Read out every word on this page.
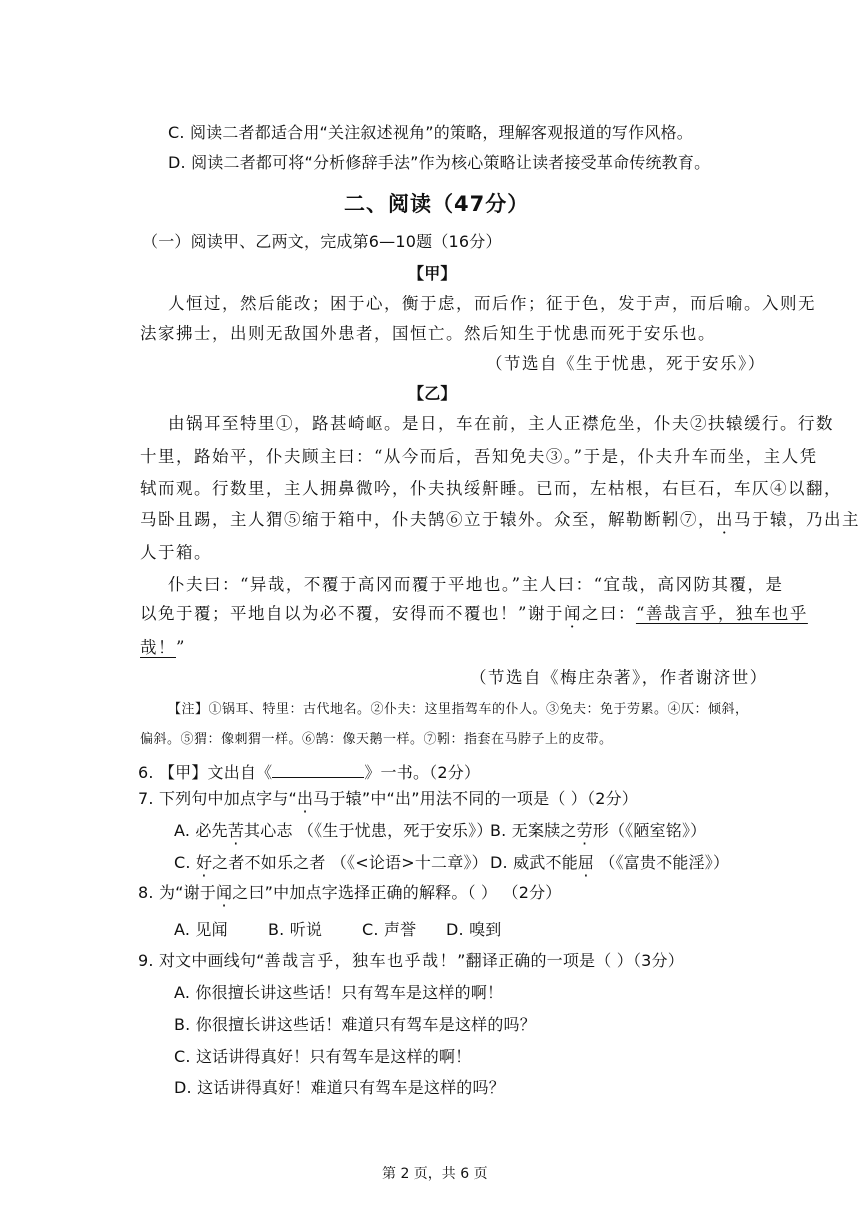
C. 阅读二者都适合用“关注叙述视角”的策略，理解客观报道的写作风格。
D. 阅读二者都可将“分析修辞手法”作为核心策略让读者接受革命传统教育。
二、阅读（47分）
（一）阅读甲、乙两文，完成第6—10题（16分）
【甲】
人恒过，然后能改；困于心，衡于虑，而后作；征于色，发于声，而后喻。入则无
法家拂士，出则无敌国外患者，国恒亡。然后知生于忧患而死于安乐也。
（节选自《生于忧患，死于安乐》）
【乙】
由锅耳至特里①，路甚崎岖。是日，车在前，主人正襟危坐，仆夫②扶辕缓行。行数
十里，路始平，仆夫顾主曰：“从今而后，吾知免夫③。”于是，仆夫升车而坐，主人凭
轼而观。行数里，主人拥鼻微吟，仆夫执绥鼾睡。已而，左枯根，右巨石，车仄④以翻，
马卧且踢，主人猬⑤缩于箱中，仆夫鹄⑥立于辕外。众至，解勒断靷⑦，出马于辕，乃出主
人于箱。
仆夫曰：“异哉，不覆于高冈而覆于平地也。”主人曰：“宜哉，高冈防其覆，是
以免于覆；平地自以为必不覆，安得而不覆也！”谢于闻之曰：“善哉言乎，独车也乎
哉！”
（节选自《梅庄杂著》，作者谢济世）
【注】①锅耳、特里：古代地名。②仆夫：这里指驾车的仆人。③免夫：免于劳累。④仄：倾斜，
偏斜。⑤猬：像刺猬一样。⑥鹄：像天鹅一样。⑦靷：指套在马脖子上的皮带。
6. 【甲】文出自《	》一书。（2分）
7. 下列句中加点字与“出马于辕”中“出”用法不同的一项是（ ）（2分）
A. 必先苦其心志 （《生于忧患，死于安乐》）
B. 无案牍之劳形（《陋室铭》）
C. 好之者不如乐之者 （《<论语>十二章》） D. 威武不能屈 （《富贵不能淫》）
8. 为“谢于闻之曰”中加点字选择正确的解释。（ ） （2分）
A. 见闻	B. 听说 C. 声誉 D. 嗅到
9. 对文中画线句“善哉言乎，独车也乎哉！”翻译正确的一项是（ ）（3分）
A. 你很擅长讲这些话！只有驾车是这样的啊！
B. 你很擅长讲这些话！难道只有驾车是这样的吗？
C. 这话讲得真好！只有驾车是这样的啊！
D. 这话讲得真好！难道只有驾车是这样的吗？
第 2 页，共 6 页
